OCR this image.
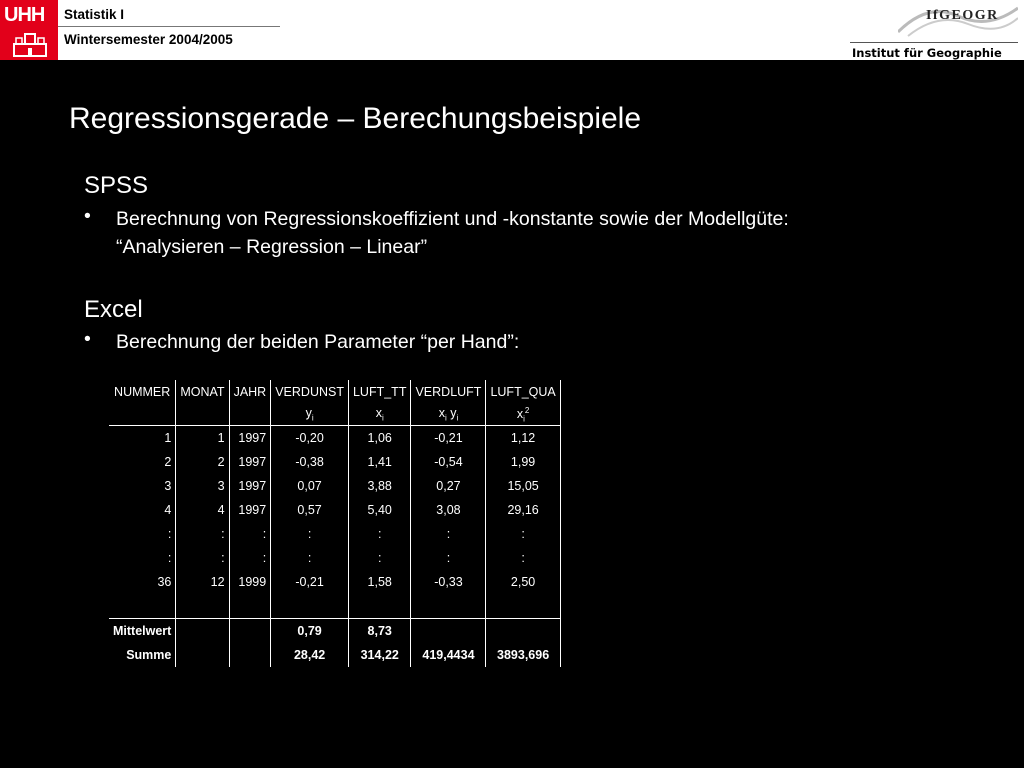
UHH Statistik I
Wintersemester 2004/2005
IfGEOGR
Institut für Geographie
Regressionsgerade – Berechungsbeispiele
SPSS
• Berechnung von Regressionskoeffizient und -konstante sowie der Modellgüte:
“Analysieren – Regression – Linear”
Excel
• Berechnung der beiden Parameter “per Hand”:
NUMMER	MONAT	JAHR	VERDUNST	LUFT_TT	VERDLUFT	LUFT_QUA
			$y_i$	$x_i$	$x_i$ $y_i$	$x_i^2$
1	1	1997	-0,20	1,06	-0,21	1,12
2	2	1997	-0,38	1,41	-0,54	1,99
3	3	1997	0,07	3,88	0,27	15,05
4	4	1997	0,57	5,40	3,08	29,16
:	:	:	:	:	:	:
:	:	:	:	:	:	:
36	12	1999	-0,21	1,58	-0,33	2,50

Mittelwert			0,79	8,73		
Summe			28,42	314,22	419,4434	3893,696
